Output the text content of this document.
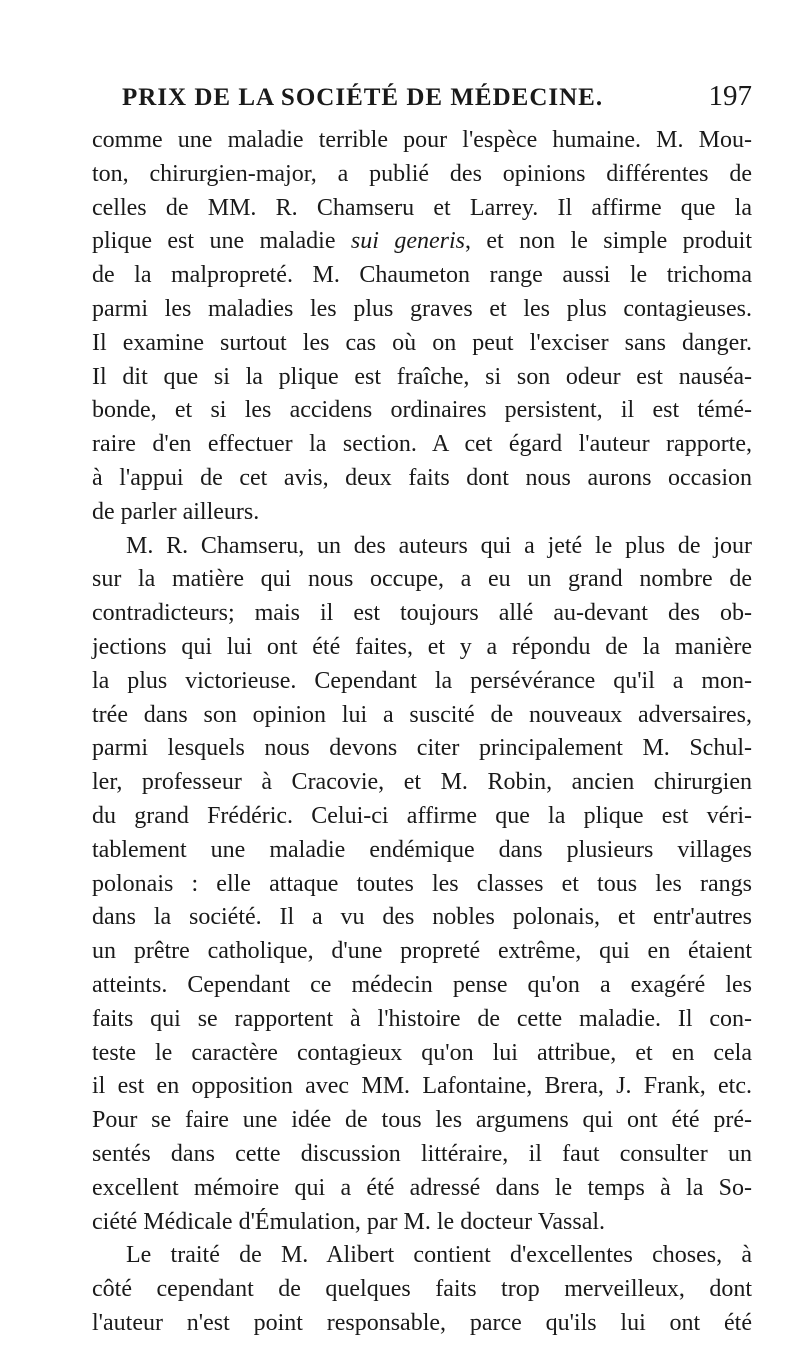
PRIX DE LA SOCIÉTÉ DE MÉDECINE.	197
comme une maladie terrible pour l'espèce humaine. M. Mou-
ton, chirurgien-major, a publié des opinions différentes de
celles de MM. R. Chamseru et Larrey. Il affirme que la
plique est une maladie sui generis, et non le simple produit
de la malpropreté. M. Chaumeton range aussi le trichoma
parmi les maladies les plus graves et les plus contagieuses.
Il examine surtout les cas où on peut l'exciser sans danger.
Il dit que si la plique est fraîche, si son odeur est nauséa-
bonde, et si les accidens ordinaires persistent, il est témé-
raire d'en effectuer la section. A cet égard l'auteur rapporte,
à l'appui de cet avis, deux faits dont nous aurons occasion
de parler ailleurs.
M. R. Chamseru, un des auteurs qui a jeté le plus de jour
sur la matière qui nous occupe, a eu un grand nombre de
contradicteurs; mais il est toujours allé au-devant des ob-
jections qui lui ont été faites, et y a répondu de la manière
la plus victorieuse. Cependant la persévérance qu'il a mon-
trée dans son opinion lui a suscité de nouveaux adversaires,
parmi lesquels nous devons citer principalement M. Schul-
ler, professeur à Cracovie, et M. Robin, ancien chirurgien
du grand Frédéric. Celui-ci affirme que la plique est véri-
tablement une maladie endémique dans plusieurs villages
polonais : elle attaque toutes les classes et tous les rangs
dans la société. Il a vu des nobles polonais, et entr'autres
un prêtre catholique, d'une propreté extrême, qui en étaient
atteints. Cependant ce médecin pense qu'on a exagéré les
faits qui se rapportent à l'histoire de cette maladie. Il con-
teste le caractère contagieux qu'on lui attribue, et en cela
il est en opposition avec MM. Lafontaine, Brera, J. Frank, etc.
Pour se faire une idée de tous les argumens qui ont été pré-
sentés dans cette discussion littéraire, il faut consulter un
excellent mémoire qui a été adressé dans le temps à la So-
ciété Médicale d'Émulation, par M. le docteur Vassal.
Le traité de M. Alibert contient d'excellentes choses, à
côté cependant de quelques faits trop merveilleux, dont
l'auteur n'est point responsable, parce qu'ils lui ont été
